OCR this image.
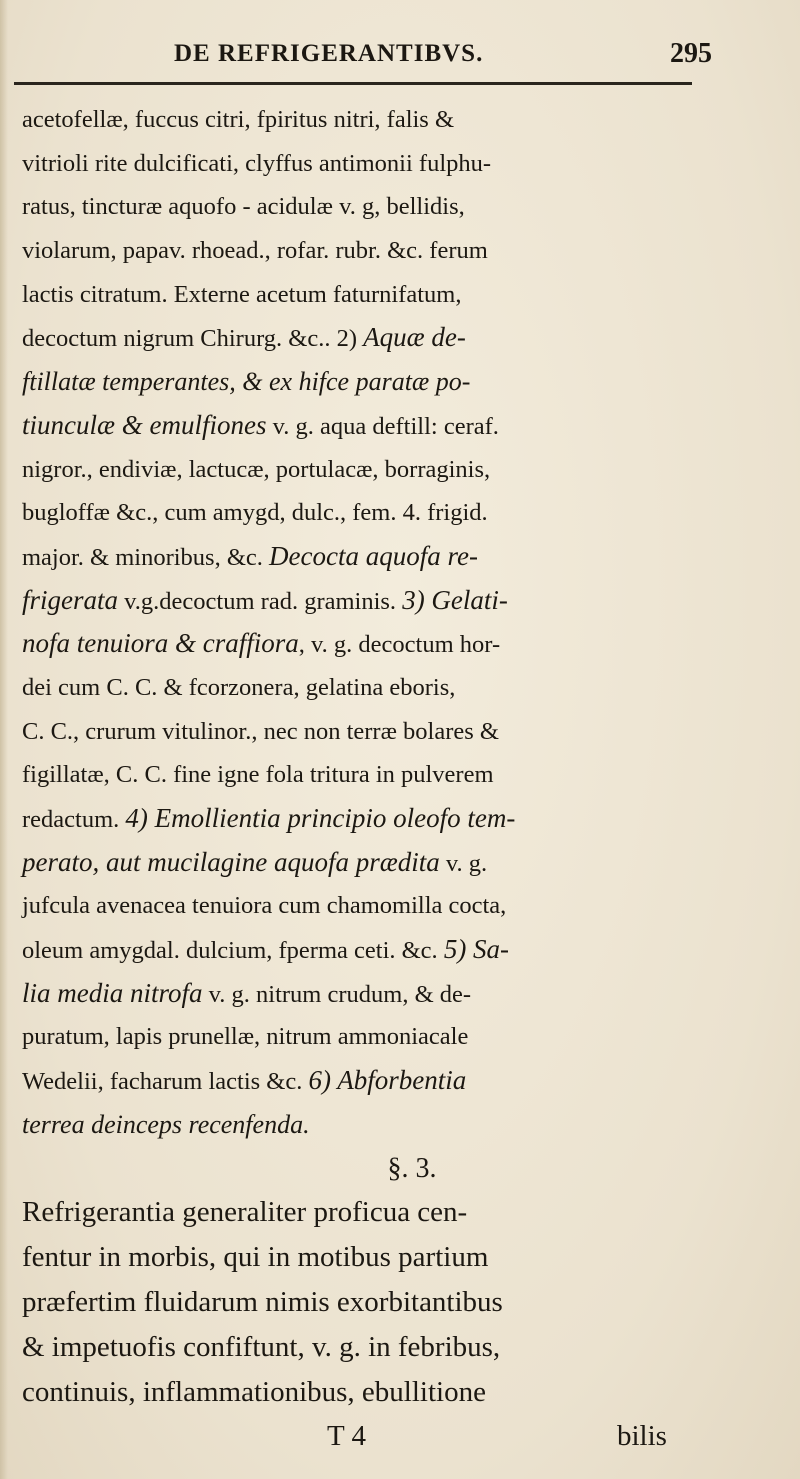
DE REFRIGERANTIBVS.	295
acetofellæ, fuccus citri, fpiritus nitri, falis &
vitrioli rite dulcificati, clyffus antimonii fulphu-
ratus, tincturæ aquofo - acidulæ v. g, bellidis,
violarum, papav. rhoead., rofar. rubr. &c. ferum
lactis citratum. Externe acetum faturnifatum,
decoctum nigrum Chirurg. &c.. 2) Aquæ de-
ftillatæ temperantes, & ex hifce paratæ po-
tiunculæ & emulfiones v. g. aqua deftill: ceraf.
nigror., endiviæ, lactucæ, portulacæ, borraginis,
bugloffæ &c., cum amygd, dulc., fem. 4. frigid.
major. & minoribus, &c. Decocta aquofa re-
frigerata v.g.decoctum rad. graminis. 3) Gelati-
nofa tenuiora & craffiora, v. g. decoctum hor-
dei cum C. C. & fcorzonera, gelatina eboris,
C. C., crurum vitulinor., nec non terræ bolares &
figillatæ, C. C. fine igne fola tritura in pulverem
redactum. 4) Emollientia principio oleofo tem-
perato, aut mucilagine aquofa prædita v. g.
jufcula avenacea tenuiora cum chamomilla cocta,
oleum amygdal. dulcium, fperma ceti. &c. 5) Sa-
lia media nitrofa v. g. nitrum crudum, & de-
puratum, lapis prunellæ, nitrum ammoniacale
Wedelii, facharum lactis &c. 6) Abforbentia
terrea deinceps recenfenda.
§. 3.
Refrigerantia generaliter proficua cen-
fentur in morbis, qui in motibus partium
præfertim fluidarum nimis exorbitantibus
& impetuofis confiftunt, v. g. in febribus,
continuis, inflammationibus, ebullitione
T 4	bilis
